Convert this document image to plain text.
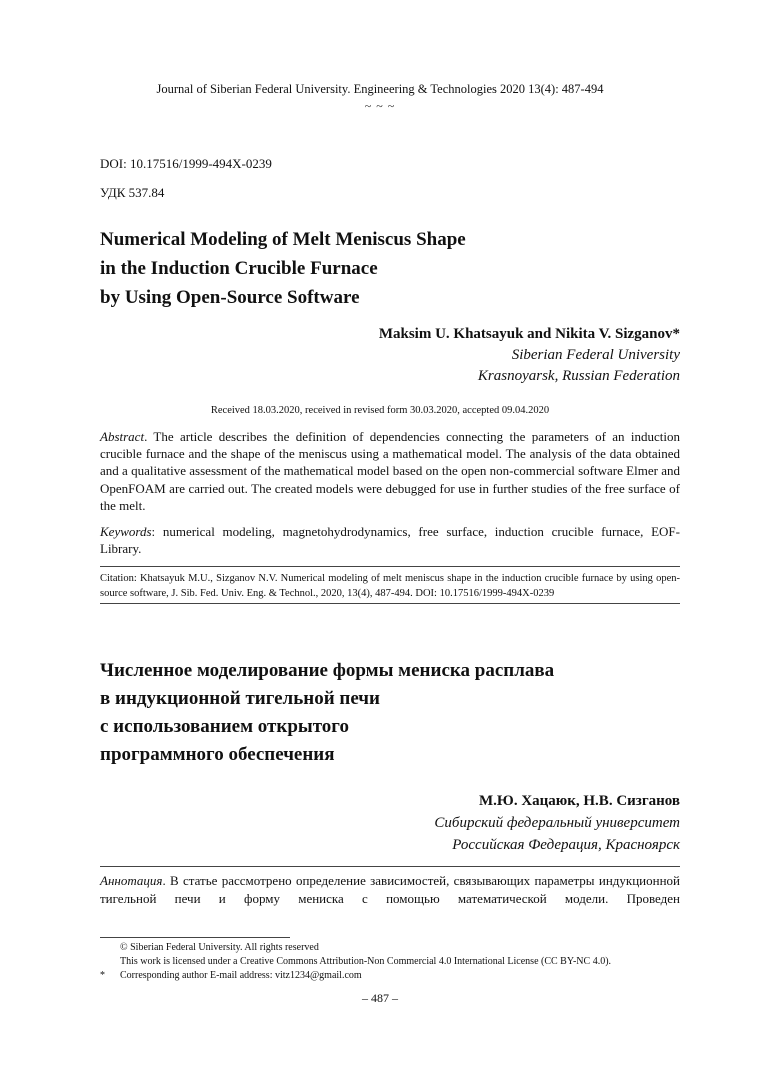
Journal of Siberian Federal University. Engineering & Technologies 2020 13(4): 487-494
~ ~ ~
DOI: 10.17516/1999-494X-0239
УДК 537.84
Numerical Modeling of Melt Meniscus Shape
in the Induction Crucible Furnace
by Using Open-Source Software
Maksim U. Khatsayuk and Nikita V. Sizganov*
Siberian Federal University
Krasnoyarsk, Russian Federation
Received 18.03.2020, received in revised form 30.03.2020, accepted 09.04.2020
Abstract. The article describes the definition of dependencies connecting the parameters of an induction crucible furnace and the shape of the meniscus using a mathematical model. The analysis of the data obtained and a qualitative assessment of the mathematical model based on the open non-commercial software Elmer and OpenFOAM are carried out. The created models were debugged for use in further studies of the free surface of the melt.
Keywords: numerical modeling, magnetohydrodynamics, free surface, induction crucible furnace, EOF-Library.
Citation: Khatsayuk M.U., Sizganov N.V. Numerical modeling of melt meniscus shape in the induction crucible furnace by using open-source software, J. Sib. Fed. Univ. Eng. & Technol., 2020, 13(4), 487-494. DOI: 10.17516/1999-494X-0239
Численное моделирование формы мениска расплава
в индукционной тигельной печи
с использованием открытого
программного обеспечения
М.Ю. Хацаюк, Н.В. Сизганов
Сибирский федеральный университет
Российская Федерация, Красноярск
Аннотация. В статье рассмотрено определение зависимостей, связывающих параметры индукционной тигельной печи и форму мениска с помощью математической модели. Проведен
© Siberian Federal University. All rights reserved
This work is licensed under a Creative Commons Attribution-Non Commercial 4.0 International License (CC BY-NC 4.0).
*	Corresponding author E-mail address: vitz1234@gmail.com
– 487 –
